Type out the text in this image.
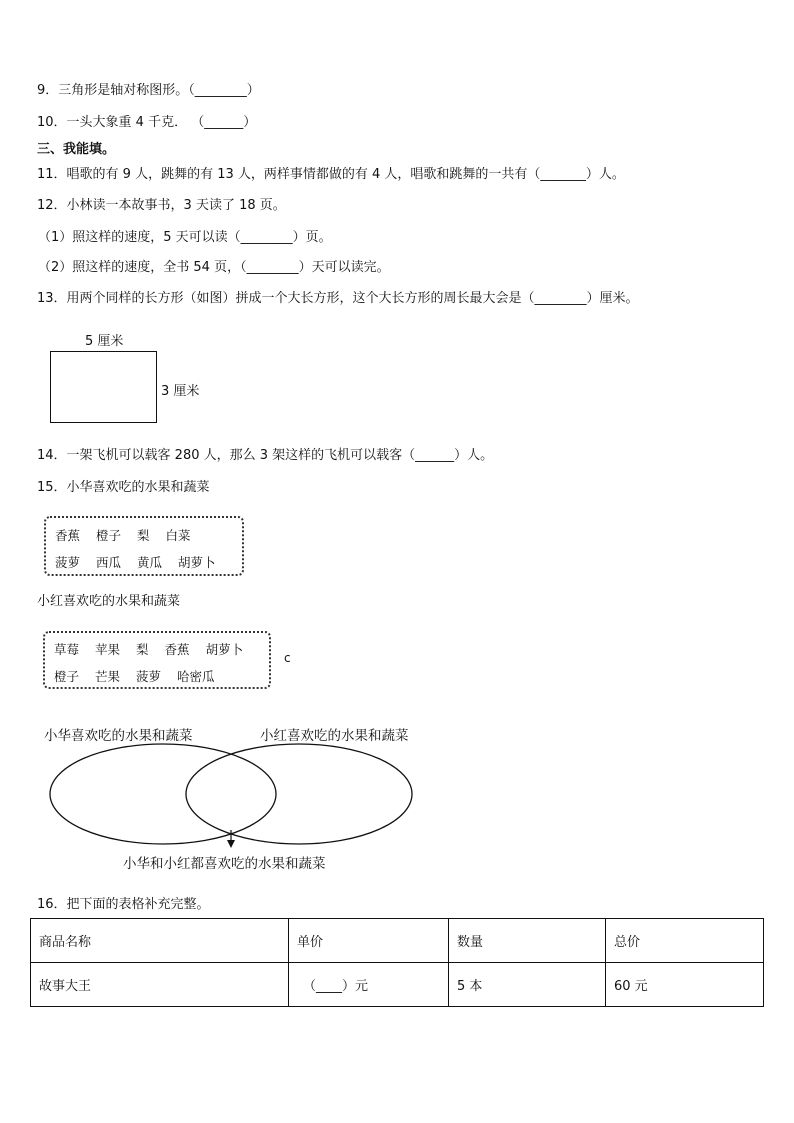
9．三角形是轴对称图形。（________）
10．一头大象重 4 千克． （______）
三、我能填。
11．唱歌的有 9 人，跳舞的有 13 人，两样事情都做的有 4 人，唱歌和跳舞的一共有（_______）人。
12．小林读一本故事书，3 天读了 18 页。
（1）照这样的速度，5 天可以读（________）页。
（2）照这样的速度，全书 54 页，（________）天可以读完。
13．用两个同样的长方形（如图）拼成一个大长方形，这个大长方形的周长最大会是（________）厘米。
5 厘米
3 厘米
14．一架飞机可以载客 280 人，那么 3 架这样的飞机可以载客（______）人。
15．小华喜欢吃的水果和蔬菜
香蕉 橙子 梨 白菜
菠萝 西瓜 黄瓜 胡萝卜
小红喜欢吃的水果和蔬菜
草莓 苹果 梨 香蕉 胡萝卜
橙子 芒果 菠萝 哈密瓜
c
小华喜欢吃的水果和蔬菜	小红喜欢吃的水果和蔬菜
小华和小红都喜欢吃的水果和蔬菜
16．把下面的表格补充完整。
商品名称	单价	数量	总价
故事大王	（____）元	5 本	60 元
